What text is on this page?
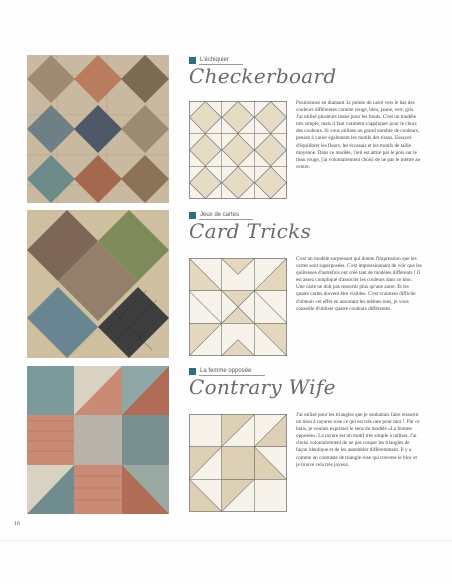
L'échiquier
Checkerboard

Positionnez en diamant 3x pointe du carré vers le bas des couleurs différentes comme rouge, bleu, jaune, vert, gris. J'ai utilisé plusieurs tissus pour les fonds. C'est un modèle très simple, mais il faut vraiment s'appliquer pour le choix des couleurs. Si vous utilisez un grand nombre de couleurs, pensez à varier également les motifs des tissus. Essayez d'équilibrer les fleurs, les écossais et les motifs de taille moyenne. Dans ce modèle, l'œil est attiré par le pois sur le tissu rouge, j'ai volontairement choisi de ne pas le mettre au centre.

Jeux de cartes
Card Tricks

C'est un modèle surprenant qui donne l'impression que les cartes sont superposées. C'est impressionnant de voir que les quilteuses d'autrefois ont créé tant de modèles différents ! Il est assez compliqué d'associer les couleurs dans ce bloc. Une carte ne doit pas ressortir plus qu'une autre. Et les quatre cartes doivent être visibles. C'est vraiment difficile d'obtenir cet effet en assortant les mêmes tons, je vous conseille d'utiliser quatre couleurs différentes.

La femme opposée
Contrary Wife

J'ai utilisé pour les triangles que je souhaitais faire ressortir un tissu à rayures rose ce qui est très rare pour moi !. Par ce biais, je voulais exprimer le sens du modèle «La femme opposée». La rayure est un motif très simple à utiliser. J'ai choisi volontairement de ne pas couper les triangles de façon identique et de les assembler différemment. Il y a comme un contraste de triangle rose qui traverse le bloc et je trouve cela très joyeux.

16
